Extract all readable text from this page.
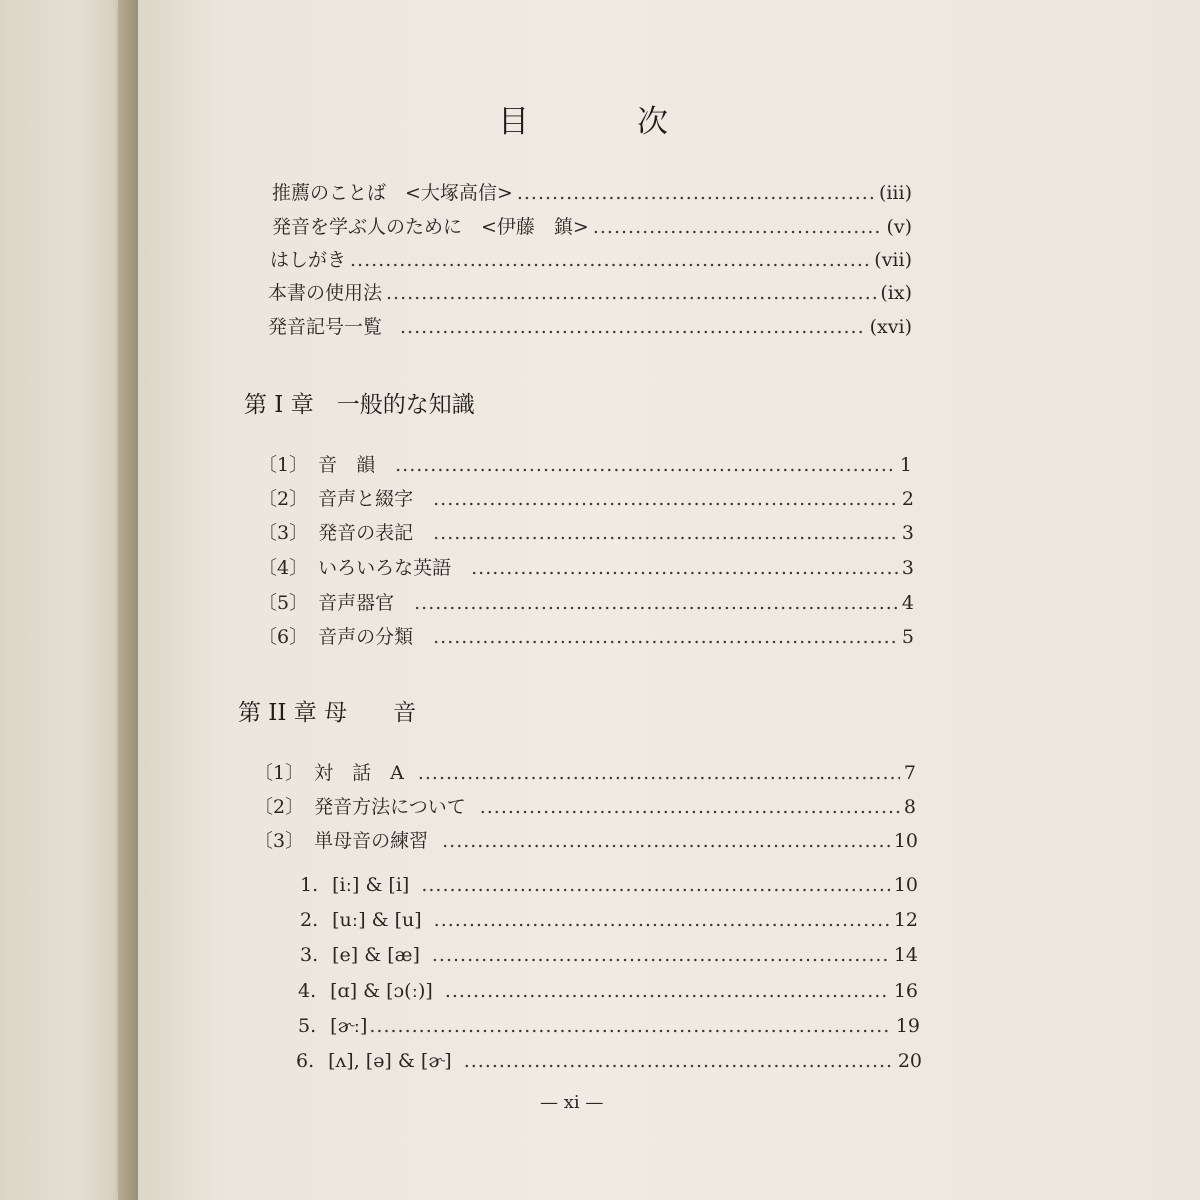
目	次
推薦のことば　<大塚高信> .....	(iii)
発音を学ぶ人のために　<伊藤　鎮> .....	(v)
はしがき .....	(vii)
本書の使用法 .....	(ix)
発音記号一覧 .....	(xvi)
第 I 章　一般的な知識
〔1〕 音　韻 .....	1
〔2〕 音声と綴字 .....	2
〔3〕 発音の表記 .....	3
〔4〕 いろいろな英語 .....	3
〔5〕 音声器官 .....	4
〔6〕 音声の分類 .....	5
第 II 章 母　　音
〔1〕 対　話　A .....	7
〔2〕 発音方法について .....	8
〔3〕 単母音の練習 .....	10
1. [iː] & [i] .....	10
2. [uː] & [u] .....	12
3. [e] & [æ] .....	14
4. [ɑ] & [ɔ(ː)] .....	16
5. [ɚː] .....	19
6. [ʌ], [ə] & [ɚ] .....	20
— xi —
